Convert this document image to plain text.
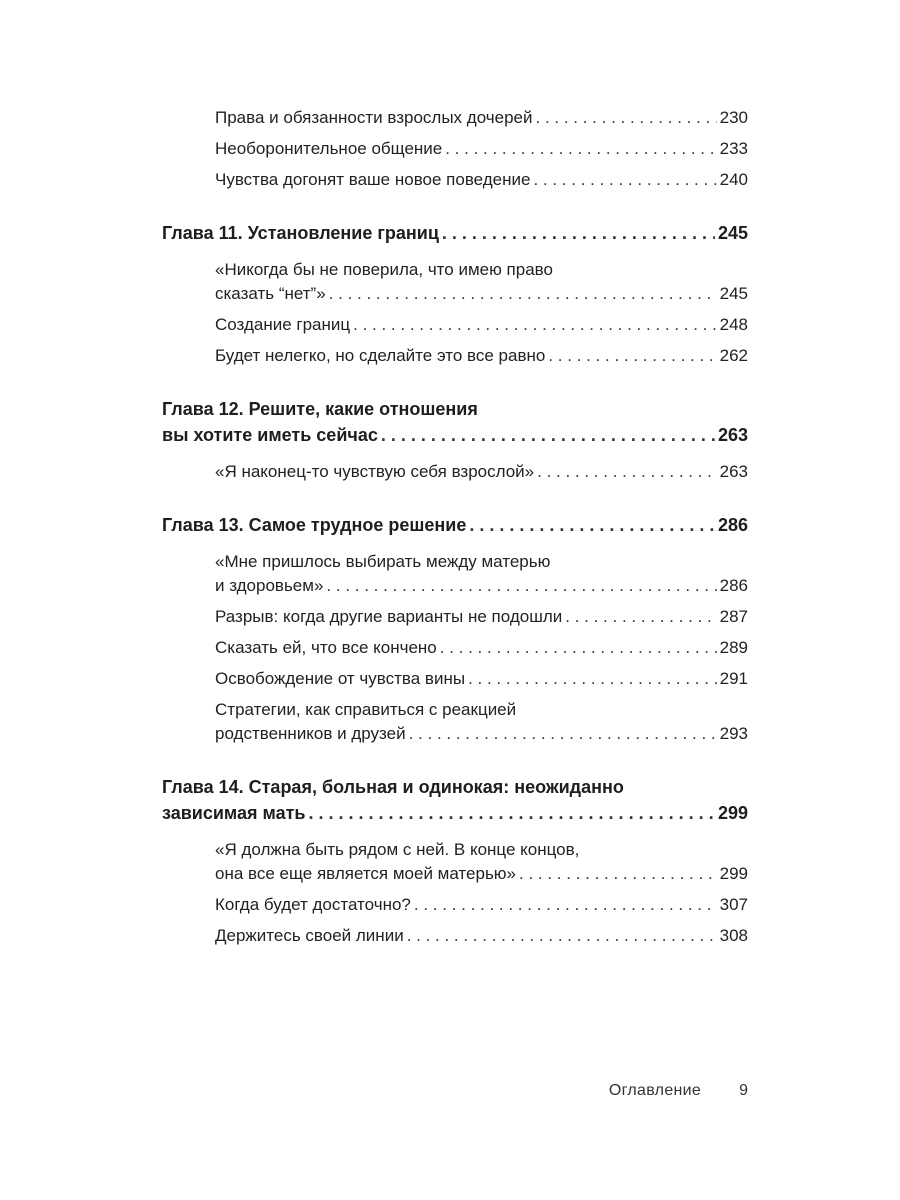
Права и обязанности взрослых дочерей . . .	230
Необоронительное общение . . .	233
Чувства догонят ваше новое поведение . . .	240
Глава 11. Установление границ . . .	245
«Никогда бы не поверила, что имею право
сказать “нет”» . . .	245
Создание границ . . .	248
Будет нелегко, но сделайте это все равно . . .	262
Глава 12. Решите, какие отношения
вы хотите иметь сейчас . . .	263
«Я наконец-то чувствую себя взрослой» . . .	263
Глава 13. Самое трудное решение . . .	286
«Мне пришлось выбирать между матерью
и здоровьем» . . .	286
Разрыв: когда другие варианты не подошли . . .	287
Сказать ей, что все кончено . . .	289
Освобождение от чувства вины . . .	291
Стратегии, как справиться с реакцией
родственников и друзей . . .	293
Глава 14. Старая, больная и одинокая: неожиданно
зависимая мать . . .	299
«Я должна быть рядом с ней. В конце концов,
она все еще является моей матерью» . . .	299
Когда будет достаточно? . . .	307
Держитесь своей линии . . .	308
Оглавление 9
